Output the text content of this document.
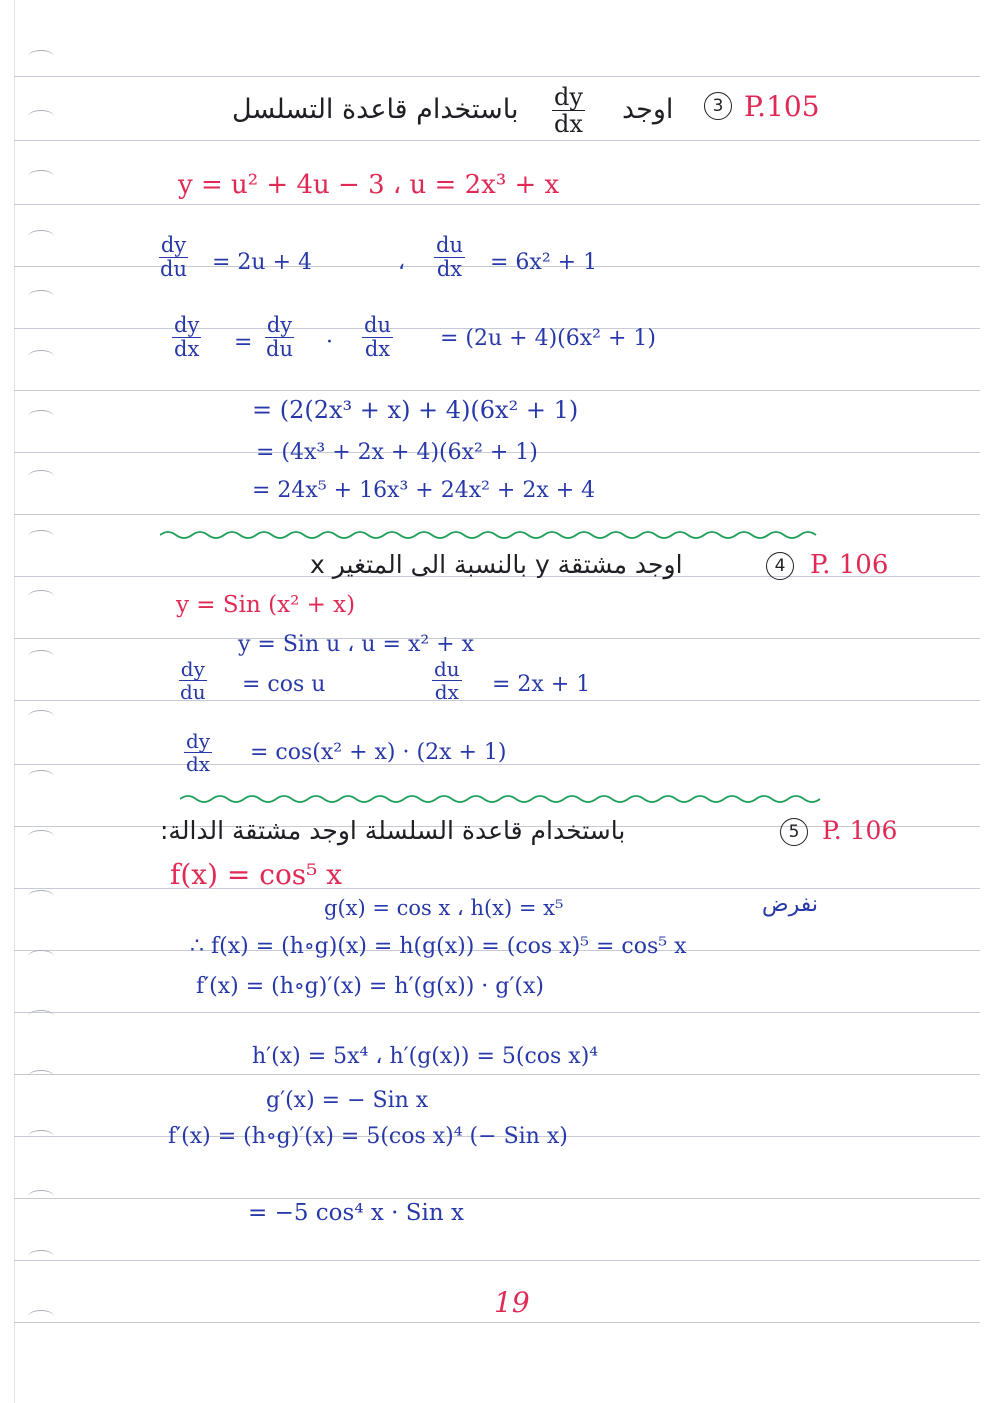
باستخدام قاعدة التسلسل $\frac{dy}{dx}$ اوجد	3 P.105
y = u² + 4u − 3 ، u = 2x³ + x
$\frac{dy}{du} = 2u + 4$	، $\frac{du}{dx} = 6x^2 + 1$
$\frac{dy}{dx} = \frac{dy}{du} \cdot \frac{du}{dx} = (2u + 4)(6x^2 + 1)$
= (2(2x³ + x) + 4)(6x² + 1)
= (4x³ + 2x + 4)(6x² + 1)
= 24x⁵ + 16x³ + 24x² + 2x + 4
اوجد مشتقة y بالنسبة الى المتغير x	4 P. 106
y = Sin (x² + x)
y = Sin u ، u = x² + x
$\frac{dy}{du} = \cos u$	$\frac{du}{dx} = 2x + 1$
$\frac{dy}{dx} = \cos(x^2 + x) \cdot (2x + 1)$
باستخدام قاعدة السلسلة اوجد مشتقة الدالة:	5 P. 106
f(x) = cos⁵ x
g(x) = cos x ، h(x) = x⁵	نفرض
∴ f(x) = (h∘g)(x) = h(g(x)) = (cos x)⁵ = cos⁵ x
f′(x) = (h∘g)′(x) = h′(g(x)) · g′(x)
h′(x) = 5x⁴ ، h′(g(x)) = 5(cos x)⁴
g′(x) = − Sin x
f′(x) = (h∘g)′(x) = 5(cos x)⁴ (− Sin x)
= −5 cos⁴ x · Sin x
19
